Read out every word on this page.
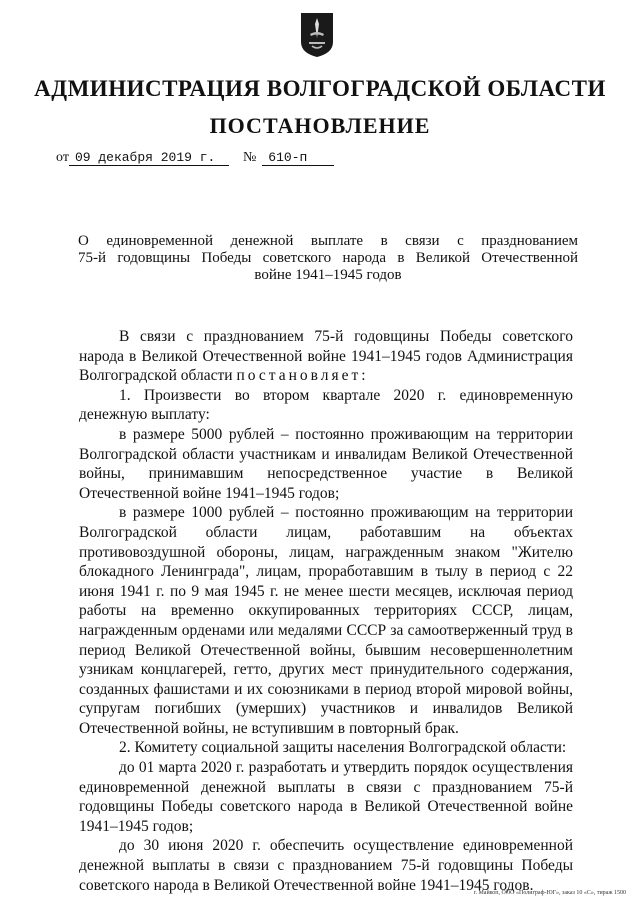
АДМИНИСТРАЦИЯ ВОЛГОГРАДСКОЙ ОБЛАСТИ
ПОСТАНОВЛЕНИЕ
от 09 декабря 2019 г.	№ 610-п
О единовременной денежной выплате в связи с празднованием
75-й годовщины Победы советского народа в Великой Отечественной
войне 1941–1945 годов

В связи с празднованием 75-й годовщины Победы советского народа в Великой Отечественной войне 1941–1945 годов Администрация Волгоградской области постановляет:

1. Произвести во втором квартале 2020 г. единовременную денежную выплату:

в размере 5000 рублей – постоянно проживающим на территории Волгоградской области участникам и инвалидам Великой Отечественной войны, принимавшим непосредственное участие в Великой Отечественной войне 1941–1945 годов;

в размере 1000 рублей – постоянно проживающим на территории Волгоградской области лицам, работавшим на объектах противовоздушной обороны, лицам, награжденным знаком "Жителю блокадного Ленинграда", лицам, проработавшим в тылу в период с 22 июня 1941 г. по 9 мая 1945 г. не менее шести месяцев, исключая период работы на временно оккупированных территориях СССР, лицам, награжденным орденами или медалями СССР за самоотверженный труд в период Великой Отечественной войны, бывшим несовершеннолетним узникам концлагерей, гетто, других мест принудительного содержания, созданных фашистами и их союзниками в период второй мировой войны, супругам погибших (умерших) участников и инвалидов Великой Отечественной войны, не вступившим в повторный брак.

2. Комитету социальной защиты населения Волгоградской области:

до 01 марта 2020 г. разработать и утвердить порядок осуществления единовременной денежной выплаты в связи с празднованием 75-й годовщины Победы советского народа в Великой Отечественной войне 1941–1945 годов;

до 30 июня 2020 г. обеспечить осуществление единовременной денежной выплаты в связи с празднованием 75-й годовщины Победы советского народа в Великой Отечественной войне 1941–1945 годов.

г. Майкоп, ООО «Полиграф-ЮГ», заказ 10 «С», тираж 1500
